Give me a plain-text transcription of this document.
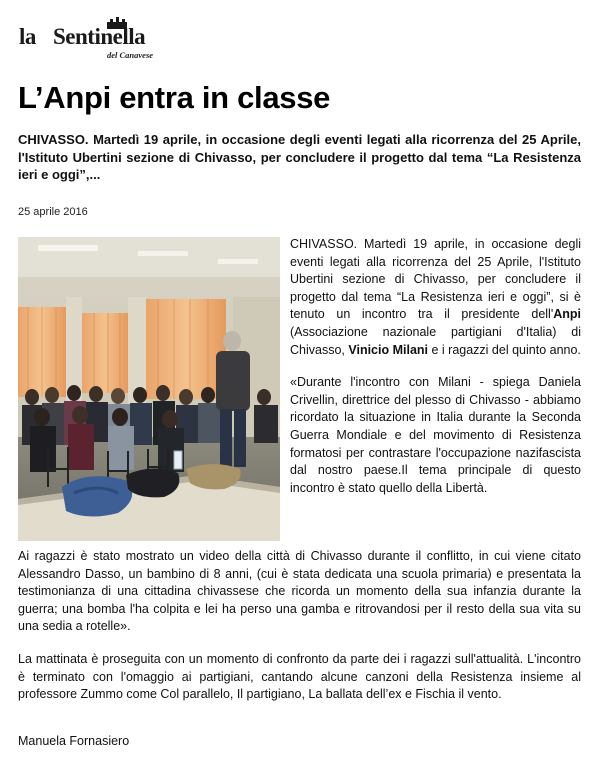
la Sentinella
del Canavese
L’Anpi entra in classe

CHIVASSO. Martedì 19 aprile, in occasione degli eventi legati alla ricorrenza del 25 Aprile, l'Istituto Ubertini sezione di Chivasso, per concludere il progetto dal tema “La Resistenza ieri e oggi”,...

25 aprile 2016

CHIVASSO. Martedì 19 aprile, in occasione degli eventi legati alla ricorrenza del 25 Aprile, l'Istituto Ubertini sezione di Chivasso, per concludere il progetto dal tema “La Resistenza ieri e oggi”, si è tenuto un incontro tra il presidente dell'Anpi (Associazione nazionale partigiani d'Italia) di Chivasso, Vinicio Milani e i ragazzi del quinto anno.

«Durante l'incontro con Milani - spiega Daniela Crivellin, direttrice del plesso di Chivasso - abbiamo ricordato la situazione in Italia durante la Seconda Guerra Mondiale e del movimento di Resistenza formatosi per contrastare l'occupazione nazifascista dal nostro paese.Il tema principale di questo incontro è stato quello della Libertà.

Ai ragazzi è stato mostrato un video della città di Chivasso durante il conflitto, in cui viene citato Alessandro Dasso, un bambino di 8 anni, (cui è stata dedicata una scuola primaria) e presentata la testimonianza di una cittadina chivassese che ricorda un momento della sua infanzia durante la guerra; una bomba l'ha colpita e lei ha perso una gamba e ritrovandosi per il resto della sua vita su una sedia a rotelle».

La mattinata è proseguita con un momento di confronto da parte dei i ragazzi sull'attualità. L'incontro è terminato con l'omaggio ai partigiani, cantando alcune canzoni della Resistenza insieme al professore Zummo come Col parallelo, Il partigiano, La ballata dell’ex e Fischia il vento.

Manuela Fornasiero
